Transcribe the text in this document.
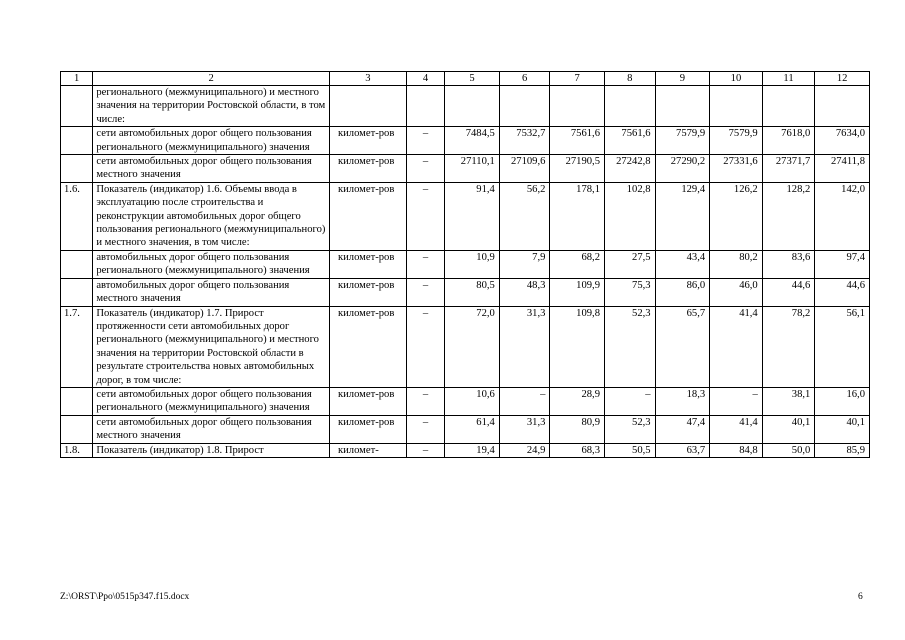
1	2	3	4	5	6	7	8	9	10	11	12
	регионального (межмуниципального) и местного значения на территории Ростовской области, в том числе:										
	сети автомобильных дорог общего пользования регионального (межмуниципального) значения	километ-ров	–	7484,5	7532,7	7561,6	7561,6	7579,9	7579,9	7618,0	7634,0
	сети автомобильных дорог общего пользования местного значения	километ-ров	–	27110,1	27109,6	27190,5	27242,8	27290,2	27331,6	27371,7	27411,8
1.6.	Показатель (индикатор) 1.6. Объемы ввода в эксплуатацию после строительства и реконструкции автомобильных дорог общего пользования регионального (межмуниципального) и местного значения, в том числе:	километ-ров	–	91,4	56,2	178,1	102,8	129,4	126,2	128,2	142,0
	автомобильных дорог общего пользования регионального (межмуниципального) значения	километ-ров	–	10,9	7,9	68,2	27,5	43,4	80,2	83,6	97,4
	автомобильных дорог общего пользования местного значения	километ-ров	–	80,5	48,3	109,9	75,3	86,0	46,0	44,6	44,6
1.7.	Показатель (индикатор) 1.7. Прирост протяженности сети автомобильных дорог регионального (межмуниципального) и местного значения на территории Ростовской области в результате строительства новых автомобильных дорог, в том числе:	километ-ров	–	72,0	31,3	109,8	52,3	65,7	41,4	78,2	56,1
	сети автомобильных дорог общего пользования регионального (межмуниципального) значения	километ-ров	–	10,6	–	28,9	–	18,3	–	38,1	16,0
	сети автомобильных дорог общего пользования местного значения	километ-ров	–	61,4	31,3	80,9	52,3	47,4	41,4	40,1	40,1
1.8.	Показатель (индикатор) 1.8. Прирост	километ-	–	19,4	24,9	68,3	50,5	63,7	84,8	50,0	85,9
Z:\ORST\Ppo\0515p347.f15.docx	6
